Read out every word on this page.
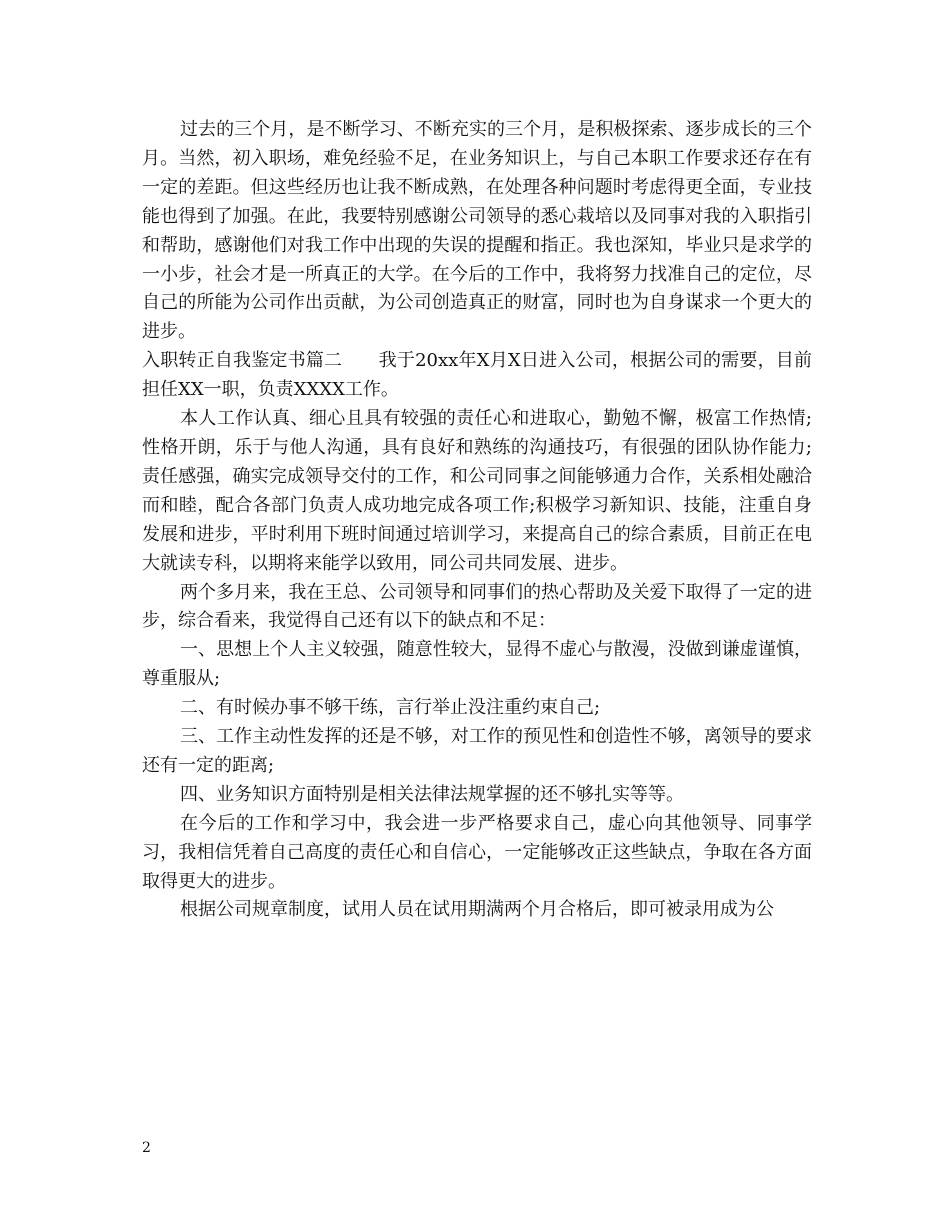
过去的三个月，是不断学习、不断充实的三个月，是积极探索、逐步成长的三个月。当然，初入职场，难免经验不足，在业务知识上，与自己本职工作要求还存在有一定的差距。但这些经历也让我不断成熟，在处理各种问题时考虑得更全面，专业技能也得到了加强。在此，我要特别感谢公司领导的悉心栽培以及同事对我的入职指引和帮助，感谢他们对我工作中出现的失误的提醒和指正。我也深知，毕业只是求学的一小步，社会才是一所真正的大学。在今后的工作中，我将努力找准自己的定位，尽自己的所能为公司作出贡献，为公司创造真正的财富，同时也为自身谋求一个更大的进步。

入职转正自我鉴定书篇二　　我于20xx年X月X日进入公司，根据公司的需要，目前担任XX一职，负责XXXX工作。

本人工作认真、细心且具有较强的责任心和进取心，勤勉不懈，极富工作热情;性格开朗，乐于与他人沟通，具有良好和熟练的沟通技巧，有很强的团队协作能力;责任感强，确实完成领导交付的工作，和公司同事之间能够通力合作，关系相处融洽而和睦，配合各部门负责人成功地完成各项工作;积极学习新知识、技能，注重自身发展和进步，平时利用下班时间通过培训学习，来提高自己的综合素质，目前正在电大就读专科，以期将来能学以致用，同公司共同发展、进步。

两个多月来，我在王总、公司领导和同事们的热心帮助及关爱下取得了一定的进步，综合看来，我觉得自己还有以下的缺点和不足：

一、思想上个人主义较强，随意性较大，显得不虚心与散漫，没做到谦虚谨慎，尊重服从;

二、有时候办事不够干练，言行举止没注重约束自己;

三、工作主动性发挥的还是不够，对工作的预见性和创造性不够，离领导的要求还有一定的距离;

四、业务知识方面特别是相关法律法规掌握的还不够扎实等等。

在今后的工作和学习中，我会进一步严格要求自己，虚心向其他领导、同事学习，我相信凭着自己高度的责任心和自信心，一定能够改正这些缺点，争取在各方面取得更大的进步。

根据公司规章制度，试用人员在试用期满两个月合格后，即可被录用成为公

2
